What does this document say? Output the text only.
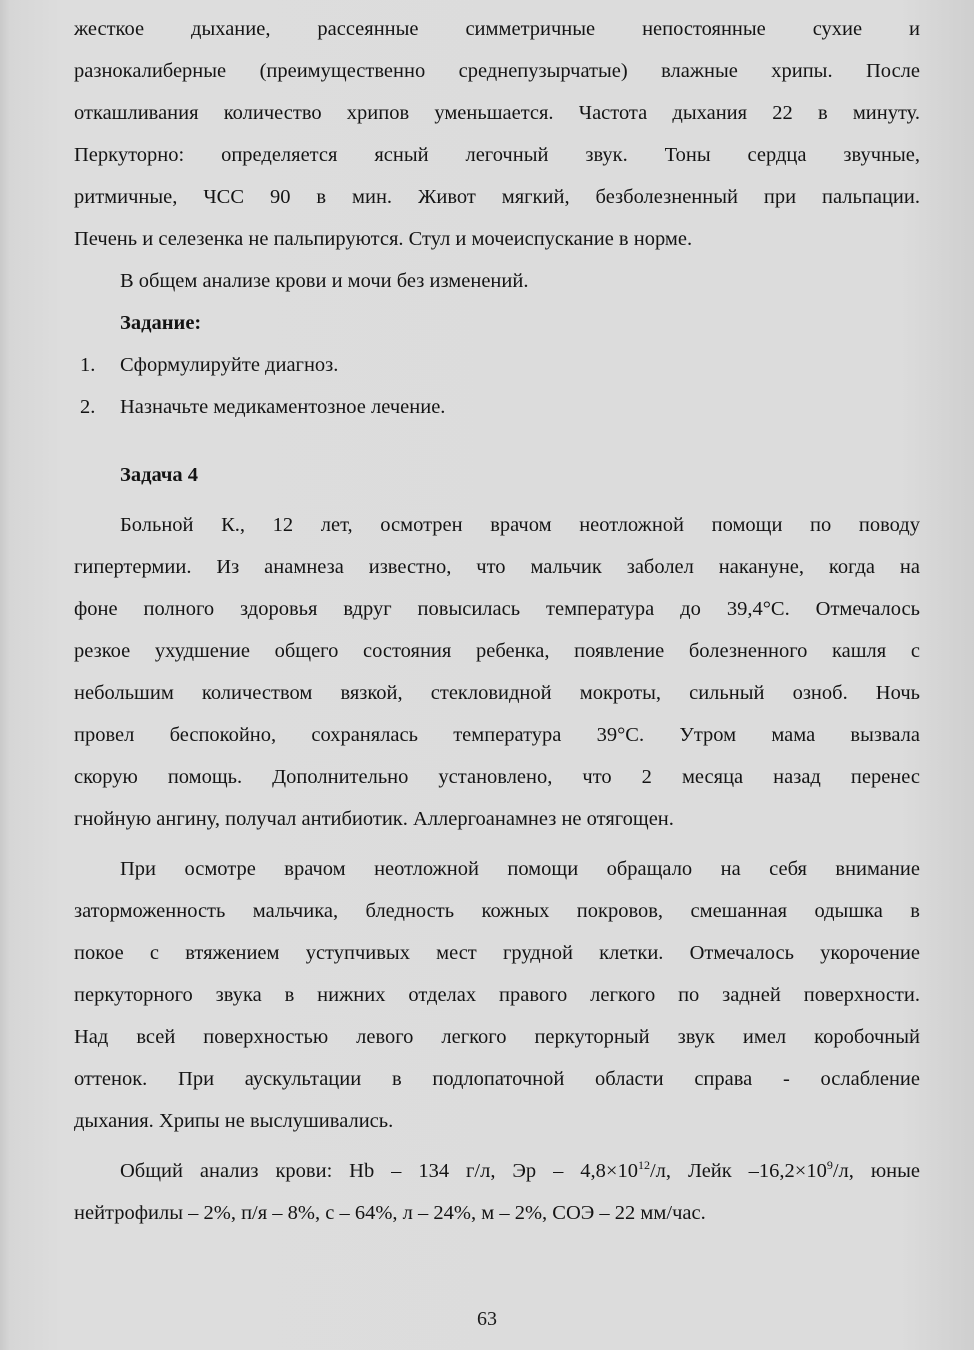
жесткое дыхание, рассеянные симметричные непостоянные сухие и
разнокалиберные (преимущественно среднепузырчатые) влажные хрипы. После
откашливания количество хрипов уменьшается. Частота дыхания 22 в минуту.
Перкуторно: определяется ясный легочный звук. Тоны сердца звучные,
ритмичные, ЧСС 90 в мин. Живот мягкий, безболезненный при пальпации.
Печень и селезенка не пальпируются. Стул и мочеиспускание в норме.
В общем анализе крови и мочи без изменений.
Задание:
1.	Сформулируйте диагноз.
2.	Назначьте медикаментозное лечение.
Задача 4
Больной К., 12 лет, осмотрен врачом неотложной помощи по поводу
гипертермии. Из анамнеза известно, что мальчик заболел накануне, когда на
фоне полного здоровья вдруг повысилась температура до 39,4°С. Отмечалось
резкое ухудшение общего состояния ребенка, появление болезненного кашля с
небольшим количеством вязкой, стекловидной мокроты, сильный озноб. Ночь
провел беспокойно, сохранялась температура 39°С. Утром мама вызвала
скорую помощь. Дополнительно установлено, что 2 месяца назад перенес
гнойную ангину, получал антибиотик. Аллергоанамнез не отягощен.
При осмотре врачом неотложной помощи обращало на себя внимание
заторможенность мальчика, бледность кожных покровов, смешанная одышка в
покое с втяжением уступчивых мест грудной клетки. Отмечалось укорочение
перкуторного звука в нижних отделах правого легкого по задней поверхности.
Над всей поверхностью левого легкого перкуторный звук имел коробочный
оттенок. При аускультации в подлопаточной области справа - ослабление
дыхания. Хрипы не выслушивались.
Общий анализ крови: Hb – 134 г/л, Эр – $4,8\times 10^{12}/л$, Лейк $-16,2\times 10^9/л$, юные
нейтрофилы – 2%, п/я – 8%, с – 64%, л – 24%, м – 2%, СОЭ – 22 мм/час.
63
